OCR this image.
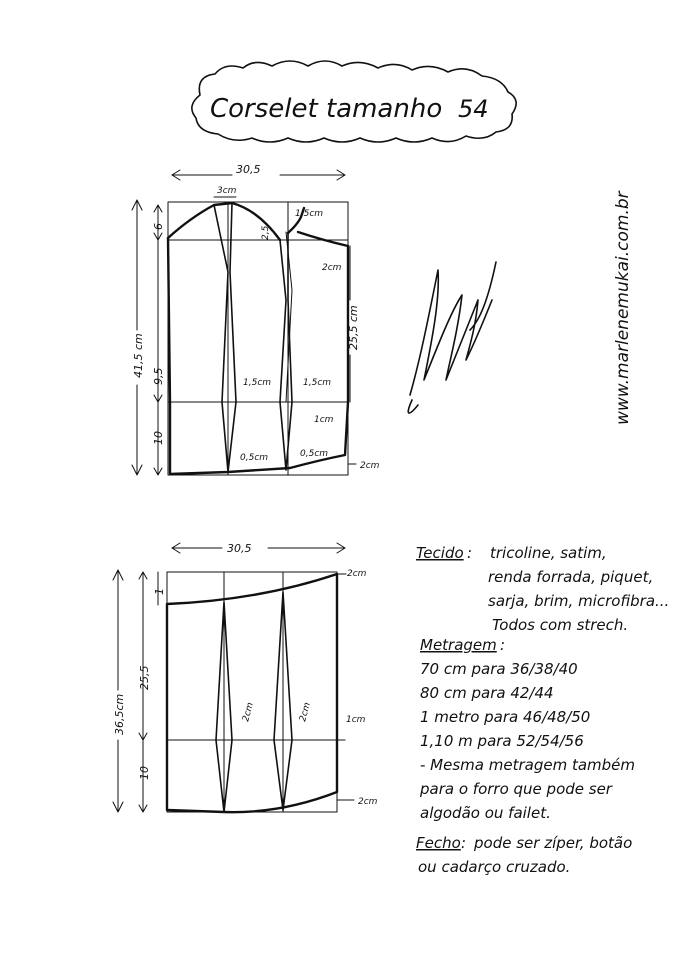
Corselet tamanho 54
www.marlenemukai.com.br
30,5
41,5 cm
6
9,5
10
3cm
1,5cm
2,5
2cm
25,5 cm
1,5cm	1,5cm
1cm
0,5cm	0,5cm
2cm
30,5
36,5cm
25,5
10
1
2cm
2cm	2cm	1cm
2cm
Tecido : tricoline, satim,
renda forrada, piquet,
sarja, brim, microfibra...
Todos com strech.
Metragem :
70 cm para 36/38/40
80 cm para 42/44
1 metro para 46/48/50
1,10 m para 52/54/56
- Mesma metragem também
para o forro que pode ser
algodão ou failet.
Fecho : pode ser zíper, botão
ou cadarço cruzado.
